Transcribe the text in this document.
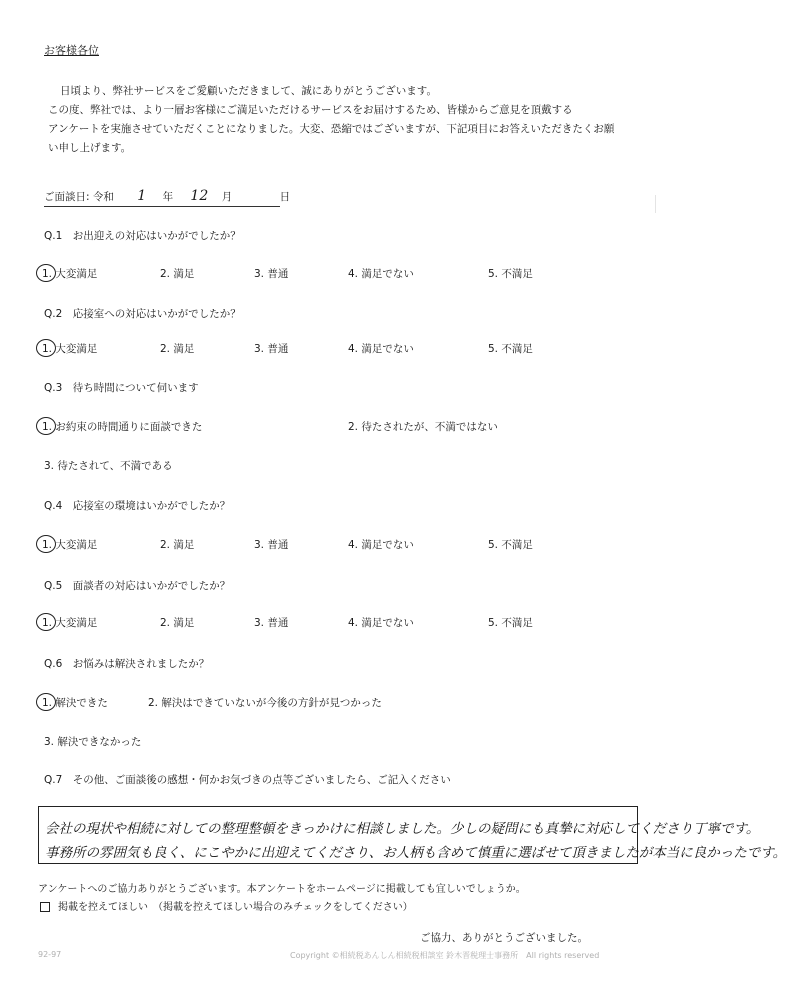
お客様各位

日頃より、弊社サービスをご愛顧いただきまして、誠にありがとうございます。

この度、弊社では、より一層お客様にご満足いただけるサービスをお届けするため、皆様からご意見を頂戴する

アンケートを実施させていただくことになりました。大変、恐縮ではございますが、下記項目にお答えいただきたくお願

い申し上げます。

ご面談日: 令和 1 年 12 月	日
Q.1　お出迎えの対応はいかがでしたか？
1. 大変満足	2. 満足	3. 普通	4. 満足でない	5. 不満足
Q.2　応接室への対応はいかがでしたか？
1. 大変満足	2. 満足	3. 普通	4. 満足でない	5. 不満足
Q.3　待ち時間について伺います
1. お約束の時間通りに面談できた	2. 待たされたが、不満ではない
3. 待たされて、不満である
Q.4　応接室の環境はいかがでしたか？
1. 大変満足	2. 満足	3. 普通	4. 満足でない	5. 不満足
Q.5　面談者の対応はいかがでしたか？
1. 大変満足	2. 満足	3. 普通	4. 満足でない	5. 不満足
Q.6　お悩みは解決されましたか？
1. 解決できた	2. 解決はできていないが今後の方針が見つかった
3. 解決できなかった
Q.7　その他、ご面談後の感想・何かお気づきの点等ございましたら、ご記入ください
会社の現状や相続に対しての整理整頓をきっかけに相談しました。少しの疑問にも真摯に対応してくださり丁寧です。
事務所の雰囲気も良く、にこやかに出迎えてくださり、お人柄も含めて慎重に選ばせて頂きましたが本当に良かったです。
アンケートへのご協力ありがとうございます。本アンケートをホームページに掲載しても宜しいでしょうか。
掲載を控えてほしい　（掲載を控えてほしい場合のみチェックをしてください）
ご協力、ありがとうございました。
92-97	Copyright ©相続税あんしん相続税相談室 鈴木晋税理士事務所　All rights reserved
